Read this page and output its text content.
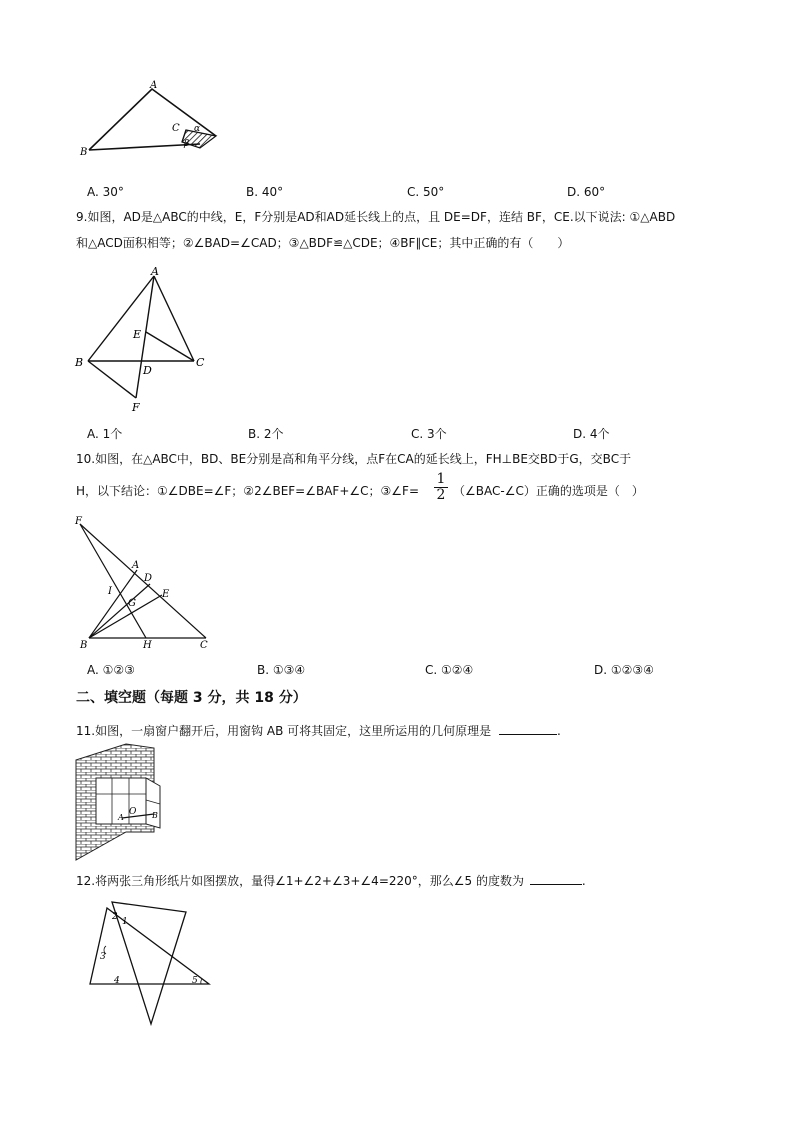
A
B
C α
β
A. 30°	B. 40°	C. 50°	D. 60°
9.如图，AD是△ABC的中线，E，F分别是AD和AD延长线上的点，且 DE=DF，连结 BF，CE.以下说法: ①△ABD
和△ACD面积相等；②∠BAD=∠CAD；③△BDF≌△CDE；④BF∥CE；其中正确的有（　　）
A
B	C
D
E
F
A. 1个	B. 2个	C. 3个	D. 4个
10.如图，在△ABC中，BD、BE分别是高和角平分线，点F在CA的延长线上，FH⊥BE交BD于G，交BC于
H，以下结论：①∠DBE=∠F；②2∠BEF=∠BAF+∠C；③∠F=
1
2 （∠BAC-∠C）正确的选项是（　）
F
A
D
I	E
G
B	H	C
A. ①②③	B. ①③④	C. ①②④	D. ①②③④
二、填空题（每题 3 分，共 18 分）
11.如图，一扇窗户翻开后，用窗钩 AB 可将其固定，这里所运用的几何原理是	.
A
O B
12.将两张三角形纸片如图摆放，量得∠1+∠2+∠3+∠4=220°，那么∠5 的度数为	.
1
2
3
4	5
